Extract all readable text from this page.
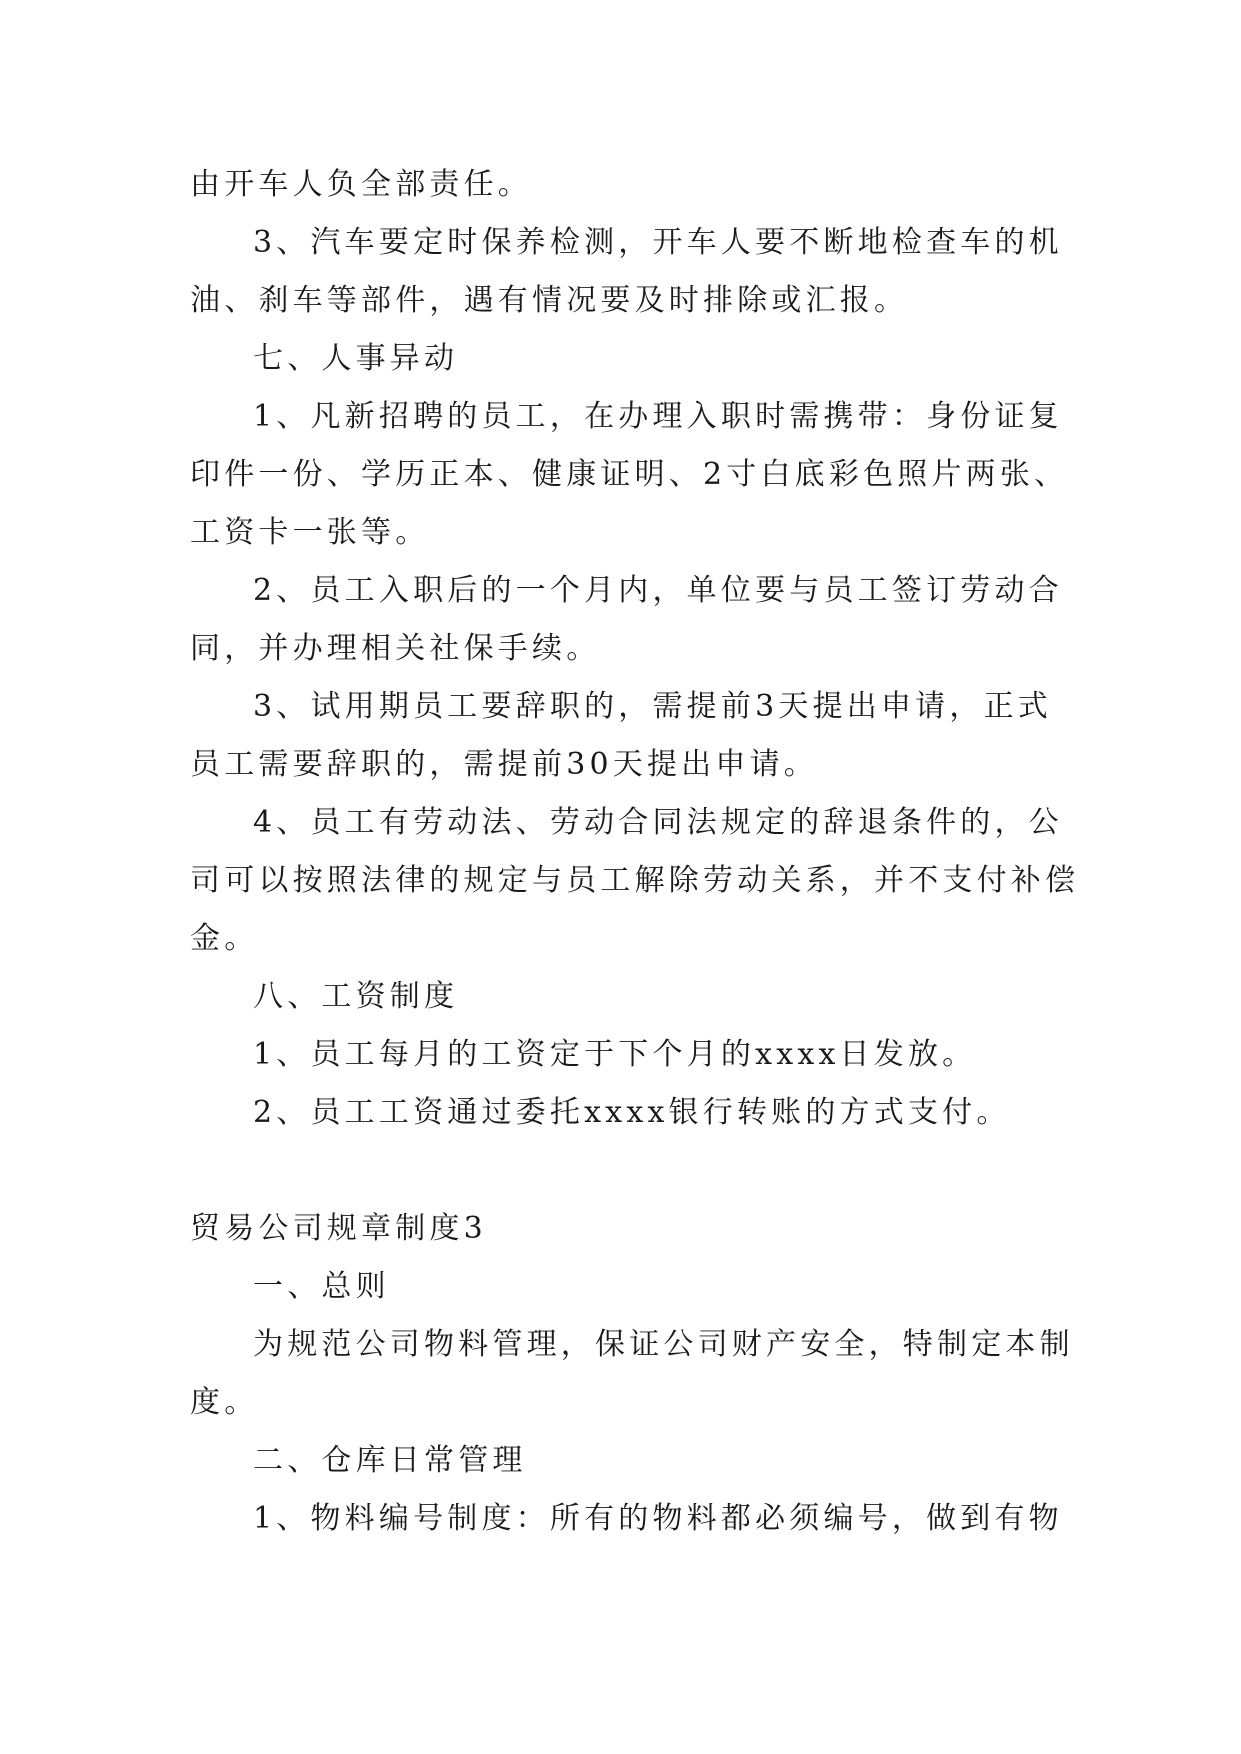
由开车人负全部责任。
3、汽车要定时保养检测，开车人要不断地检查车的机
油、刹车等部件，遇有情况要及时排除或汇报。
七、人事异动
1、凡新招聘的员工，在办理入职时需携带：身份证复
印件一份、学历正本、健康证明、2寸白底彩色照片两张、
工资卡一张等。
2、员工入职后的一个月内，单位要与员工签订劳动合
同，并办理相关社保手续。
3、试用期员工要辞职的，需提前3天提出申请，正式
员工需要辞职的，需提前30天提出申请。
4、员工有劳动法、劳动合同法规定的辞退条件的，公
司可以按照法律的规定与员工解除劳动关系，并不支付补偿
金。
八、工资制度
1、员工每月的工资定于下个月的xxxx日发放。
2、员工工资通过委托xxxx银行转账的方式支付。
贸易公司规章制度3
一、总则
为规范公司物料管理，保证公司财产安全，特制定本制
度。
二、仓库日常管理
1、物料编号制度：所有的物料都必须编号，做到有物
